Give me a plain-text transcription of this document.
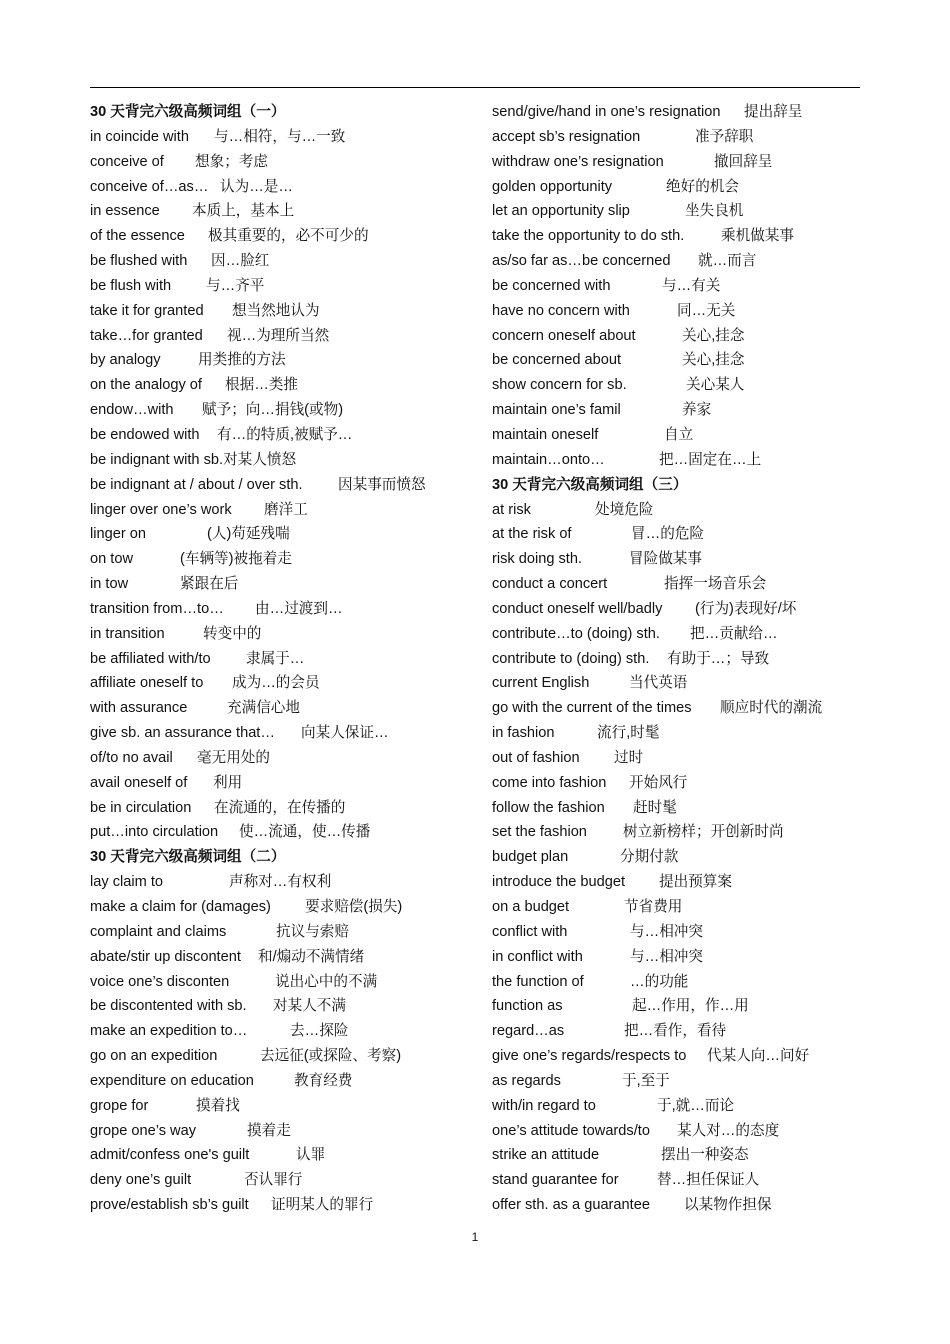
30 天背完六级高频词组（一）
in coincide with	与…相符，与…一致
conceive of	想象；考虑
conceive of…as… 认为…是…
in essence	本质上，基本上
of the essence	极其重要的，必不可少的
be flushed with	因…脸红
be flush with	与…齐平
take it for granted	想当然地认为
take…for granted	视…为理所当然
by analogy	用类推的方法
on the analogy of	根据…类推
endow…with	赋予；向…捐钱(或物)
be endowed with	有…的特质,被赋予…
be indignant with sb. 对某人愤怒
be indignant at / about / over sth.	因某事而愤怒
linger over one’s work	磨洋工
linger on	(人)苟延残喘
on tow	(车辆等)被拖着走
in tow	紧跟在后
transition from…to…	由…过渡到…
in transition	转变中的
be affiliated with/to	隶属于…
affiliate oneself to	成为…的会员
with assurance	充满信心地
give sb. an assurance that…	向某人保证…
of/to no avail	毫无用处的
avail oneself of	利用
be in circulation	在流通的，在传播的
put…into circulation	使…流通，使…传播
30 天背完六级高频词组（二）
lay claim to	声称对…有权利
make a claim for (damages)	要求赔偿(损失)
complaint and claims	抗议与索赔
abate/stir up discontent	和/煽动不满情绪
voice one’s disconten	说出心中的不满
be discontented with sb.	对某人不满
make an expedition to…	去…探险
go on an expedition	去远征(或探险、考察)
expenditure on education	教育经费
grope for	摸着找
grope one’s way	摸着走
admit/confess one's guilt	认罪
deny one’s guilt	否认罪行
prove/establish sb’s guilt	证明某人的罪行
send/give/hand in one’s resignation	提出辞呈
accept sb’s resignation	准予辞职
withdraw one’s resignation	撤回辞呈
golden opportunity	绝好的机会
let an opportunity slip	坐失良机
take the opportunity to do sth.	乘机做某事
as/so far as…be concerned	就…而言
be concerned with	与…有关
have no concern with	同…无关
concern oneself about	关心,挂念
be concerned about	关心,挂念
show concern for sb.	关心某人
maintain one’s famil	养家
maintain oneself	自立
maintain…onto…	把…固定在…上
30 天背完六级高频词组（三）
at risk	处境危险
at the risk of	冒…的危险
risk doing sth.	冒险做某事
conduct a concert	指挥一场音乐会
conduct oneself well/badly	(行为)表现好/坏
contribute…to (doing) sth.	把…贡献给…
contribute to (doing) sth.	有助于…；导致
current English	当代英语
go with the current of the times	顺应时代的潮流
in fashion	流行,时髦
out of fashion	过时
come into fashion	开始风行
follow the fashion	赶时髦
set the fashion	树立新榜样；开创新时尚
budget plan	分期付款
introduce the budget	提出预算案
on a budget	节省费用
conflict with	与…相冲突
in conflict with	与…相冲突
the function of	…的功能
function as	起…作用，作…用
regard…as	把…看作，看待
give one’s regards/respects to	代某人向…问好
as regards	于,至于
with/in regard to	于,就…而论
one’s attitude towards/to	某人对…的态度
strike an attitude	摆出一种姿态
stand guarantee for	替…担任保证人
offer sth. as a guarantee	以某物作担保
1
